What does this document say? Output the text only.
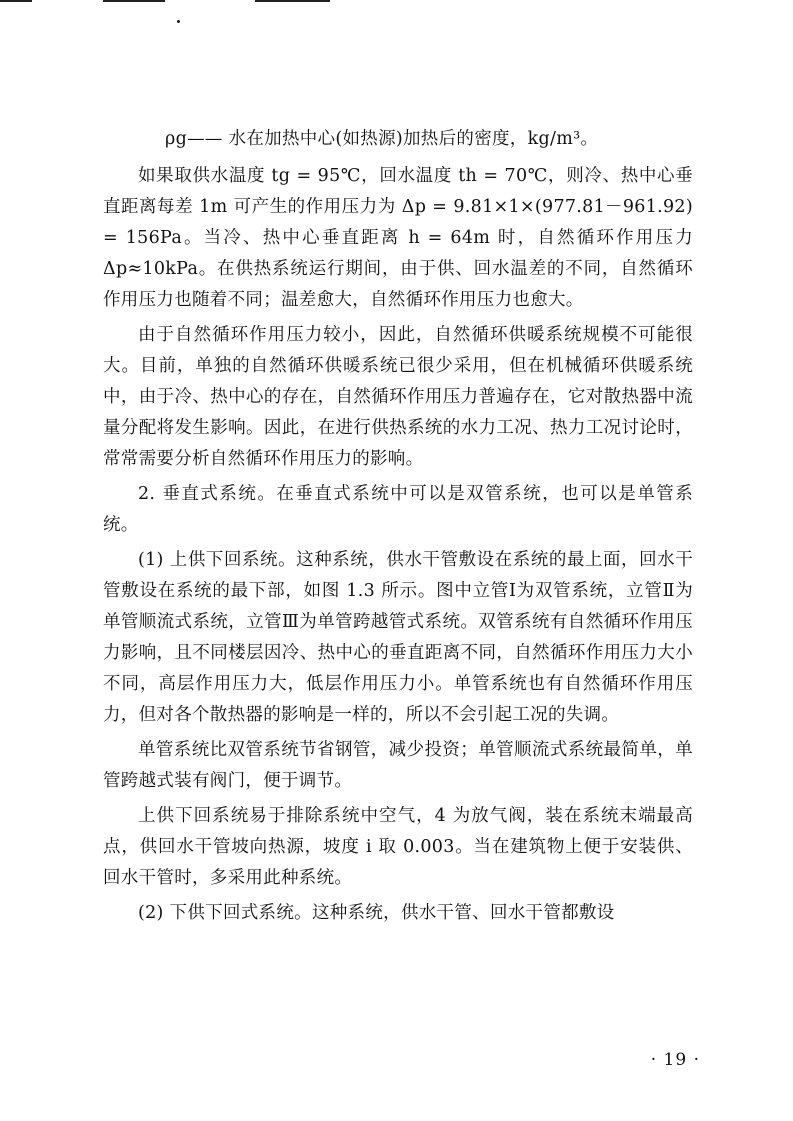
ρg—— 水在加热中心(如热源)加热后的密度，kg/m³。

如果取供水温度 tg = 95℃，回水温度 th = 70℃，则冷、热中心垂直距离每差 1m 可产生的作用压力为 Δp = 9.81×1×(977.81－961.92) = 156Pa。当冷、热中心垂直距离 h = 64m 时，自然循环作用压力 Δp≈10kPa。在供热系统运行期间，由于供、回水温差的不同，自然循环作用压力也随着不同；温差愈大，自然循环作用压力也愈大。

由于自然循环作用压力较小，因此，自然循环供暖系统规模不可能很大。目前，单独的自然循环供暖系统已很少采用，但在机械循环供暖系统中，由于冷、热中心的存在，自然循环作用压力普遍存在，它对散热器中流量分配将发生影响。因此，在进行供热系统的水力工况、热力工况讨论时，常常需要分析自然循环作用压力的影响。

2. 垂直式系统。在垂直式系统中可以是双管系统，也可以是单管系统。

(1) 上供下回系统。这种系统，供水干管敷设在系统的最上面，回水干管敷设在系统的最下部，如图 1.3 所示。图中立管Ⅰ为双管系统，立管Ⅱ为单管顺流式系统，立管Ⅲ为单管跨越管式系统。双管系统有自然循环作用压力影响，且不同楼层因冷、热中心的垂直距离不同，自然循环作用压力大小不同，高层作用压力大，低层作用压力小。单管系统也有自然循环作用压力，但对各个散热器的影响是一样的，所以不会引起工况的失调。

单管系统比双管系统节省钢管，减少投资；单管顺流式系统最简单，单管跨越式装有阀门，便于调节。

上供下回系统易于排除系统中空气，4 为放气阀，装在系统末端最高点，供回水干管坡向热源，坡度 i 取 0.003。当在建筑物上便于安装供、回水干管时，多采用此种系统。

(2) 下供下回式系统。这种系统，供水干管、回水干管都敷设

· 19 ·
